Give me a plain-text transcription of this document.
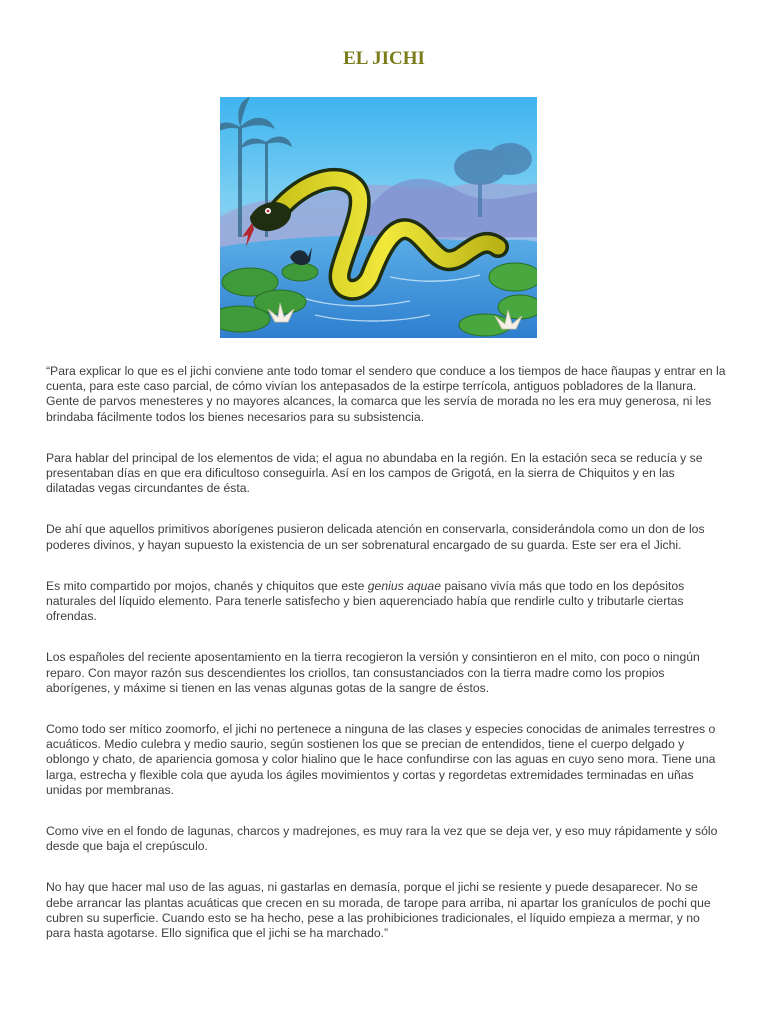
EL JICHI

“Para explicar lo que es el jichi conviene ante todo tomar el sendero que conduce a los tiempos de hace ñaupas y entrar en la cuenta, para este caso parcial, de cómo vivían los antepasados de la estirpe terrícola, antiguos pobladores de la llanura. Gente de parvos menesteres y no mayores alcances, la comarca que les servía de morada no les era muy generosa, ni les brindaba fácilmente todos los bienes necesarios para su subsistencia.

Para hablar del principal de los elementos de vida; el agua no abundaba en la región. En la estación seca se reducía y se presentaban días en que era dificultoso conseguirla. Así en los campos de Grigotá, en la sierra de Chiquitos y en las dilatadas vegas circundantes de ésta.

De ahí que aquellos primitivos aborígenes pusieron delicada atención en conservarla, considerándola como un don de los poderes divinos, y hayan supuesto la existencia de un ser sobrenatural encargado de su guarda. Este ser era el Jichi.

Es mito compartido por mojos, chanés y chiquitos que este genius aquae paisano vivía más que todo en los depósitos naturales del líquido elemento. Para tenerle satisfecho y bien aquerenciado había que rendirle culto y tributarle ciertas ofrendas.

Los españoles del reciente aposentamiento en la tierra recogieron la versión y consintieron en el mito, con poco o ningún reparo. Con mayor razón sus descendientes los criollos, tan consustanciados con la tierra madre como los propios aborígenes, y máxime si tienen en las venas algunas gotas de la sangre de éstos.

Como todo ser mítico zoomorfo, el jichi no pertenece a ninguna de las clases y especies conocidas de animales terrestres o acuáticos. Medio culebra y medio saurio, según sostienen los que se precian de entendidos, tiene el cuerpo delgado y oblongo y chato, de apariencia gomosa y color hialino que le hace confundirse con las aguas en cuyo seno mora. Tiene una larga, estrecha y flexible cola que ayuda los ágiles movimientos y cortas y regordetas extremidades terminadas en uñas unidas por membranas.

Como vive en el fondo de lagunas, charcos y madrejones, es muy rara la vez que se deja ver, y eso muy rápidamente y sólo desde que baja el crepúsculo.

No hay que hacer mal uso de las aguas, ni gastarlas en demasía, porque el jichi se resiente y puede desaparecer. No se debe arrancar las plantas acuáticas que crecen en su morada, de tarope para arriba, ni apartar los granículos de pochi que cubren su superficie. Cuando esto se ha hecho, pese a las prohibiciones tradicionales, el líquido empieza a mermar, y no para hasta agotarse. Ello significa que el jichi se ha marchado.”
